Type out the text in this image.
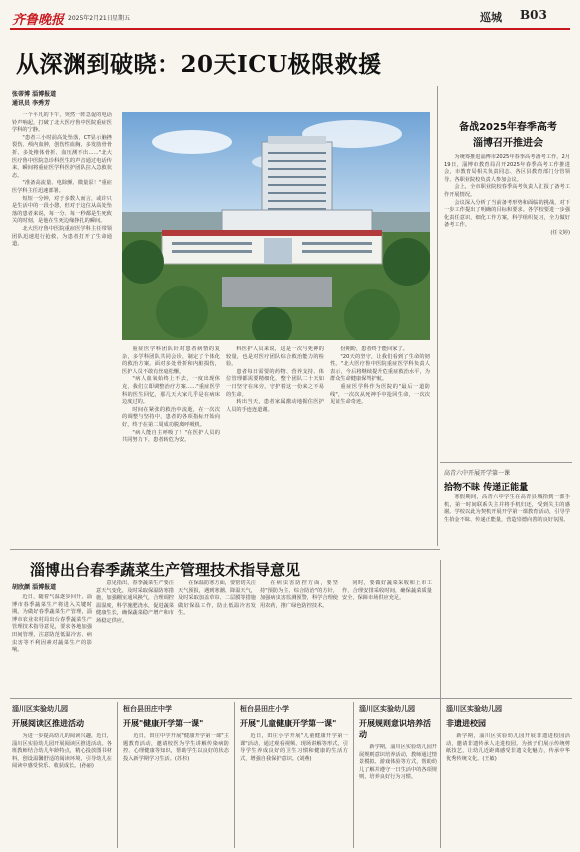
齐鲁晚报 2025年2月21日 星期五	巡城 B03
从深渊到破晓：20天ICU极限救援
张蒂博 淄博报道
通讯员 李秀芳

一个平凡的下午，突然一阵急促的电话铃声响起，打破了北大医疗鲁中医院重症医学科的宁静。

"患者三小时前高处坠落，CT显示脑挫裂伤、颅内血肿，创伤性血胸，多发肋骨骨折、多处椎体骨折、血压测不出……"北大医疗鲁中医院急诊科医生的声音通过电话传来，瞬间将重症医学科医护团队拉入急救状态。

"准备高流量、电除颤、微量泵！"重症医学科主任迅速部署。

短短一分钟，对于多数人而言，或许只是生活中的一段小憩，但对于这位从高处坠落的患者来说，每一分、每一秒都是生死攸关的时刻，是他在生死边缘挣扎的瞬间。

北大医疗鲁中医院重症医学科主任带领团队迅速进行抢救，为患者打开了生命通道。

重症医学科团队针对患者病情的复杂，多学科团队共同会诊，制定了个体化的救治方案。面对多处骨折和内脏损伤，医护人员不敢有丝毫松懈。

"病人血氧始终上不去，一度出现休克，我们立即调整治疗方案……"重症医学科的医生回忆，那几天大家几乎是在病床边度过的。

时间在紧张的救治中流逝，在一次次的调整与坚持中，患者的各项指标开始向好，终于在第二周成功脱离呼吸机。

"病人能自主呼吸了！"在医护人员的共同努力下，患者转危为安。

科医护人员来说，这是一次与死神的较量，也是对医疗团队综合救治能力的检验。

患者每日需要的药物、营养支持、体位管理都需要精细化，整个团队二十天如一日坚守在床旁，守护着这一份来之不易的生命。

转出当天，患者家属激动地握住医护人员的手连连道谢。

份期盼，患者终于能回家了。

"20天的坚守，让我们看到了生命的韧性。"北大医疗鲁中医院重症医学科负责人表示，今后将继续提升危重症救治水平，为群众生命健康保驾护航。

重症医学科作为医院的"最后一道防线"，一次次从死神手中抢回生命，一次次见证生命奇迹。

备战2025年春季高考
淄博召开推进会

为统筹推进淄博市2025年春季高考备考工作，2月19日，淄博市教育局召开2025年春季高考工作推进会，市教育局相关负责同志、各区县教育部门分管领导、各职业院校负责人参加会议。

会上，全市职业院校春季高考负责人汇报了备考工作开展情况。

会议深入分析了当前备考形势和面临的挑战，对下一步工作提出了明确的目标和要求。各学校要进一步强化责任意识，细化工作方案，科学组织复习，全力做好备考工作。

(任文婷)

高青六中开展开学第一课
拾物不昧 传递正能量

寒假期间，高青六中学生在高青县城拾到一部手机，第一时间联系失主并将手机归还，受到失主的感谢。学校以此为契机开展开学第一课教育活动，引导学生拾金不昧、传递正能量，营造崇德向善的良好氛围。

淄博出台春季蔬菜生产管理技术指导意见
胡欣颜 淄博报道

近日，随着气温逐步回升，淄博市春季蔬菜生产将进入关键时期。为做好春季蔬菜生产管理，淄博市农业农村局出台春季蔬菜生产管理技术指导意见，要求各地加强田间管理，注意防范低温冷害、病虫害等不利因素对蔬菜生产的影响。

意见指出，春季蔬菜生产要注意天气变化，及时采取保温防寒措施，加强棚室通风换气，合理调控温湿度，科学施肥浇水，促进蔬菜健康生长，确保蔬菜稳产增产和市场稳定供应。

在保温防寒方面，要密切关注天气预报，遇到寒潮、降温天气，及时采取加盖草帘、二层膜等措施做好保温工作，防止低温冷害发生。

在病虫害防控方面，要坚持"预防为主、综合防治"的方针，加强病虫害监测预警，科学合理使用农药，推广绿色防控技术。

同时，要做好蔬菜采收和上市工作，合理安排采收时间，确保蔬菜质量安全，保障市场供应充足。

淄川区实验幼儿园
开展阅读区推进活动

为进一步提高幼儿的阅读兴趣，近日，淄川区实验幼儿园开展阅读区推进活动。各班教师结合幼儿年龄特点，精心投放图书材料，创设温馨舒适的阅读环境，引导幼儿在阅读中感受快乐、收获成长。(孙丽)

桓台县田庄中学
开展"健康开学第一课"

近日，田庄中学开展"健康开学第一课"主题教育活动，邀请校医为学生讲解传染病防控、心理健康等知识，帮助学生以良好的状态投入新学期学习生活。(苏杉)

桓台县田庄小学
开展"儿童健康开学第一课"

近日，田庄小学开展"儿童健康开学第一课"活动，通过观看视频、现场讲解等形式，引导学生养成良好的卫生习惯和健康的生活方式，增强自我保护意识。(刘燕)

淄川区实验幼儿园
开展规则意识培养活动

新学期，淄川区实验幼儿园开展规则意识培养活动，教师通过情景模拟、游戏体验等方式，帮助幼儿了解并遵守一日生活中的各项规则，培养良好行为习惯。

淄川区实验幼儿园
非遗进校园

新学期，淄川区实验幼儿园开展非遗进校园活动，邀请非遗传承人走进校园，为孩子们展示传统剪纸技艺，让幼儿近距离感受非遗文化魅力，传承中华优秀传统文化。(王敏)
